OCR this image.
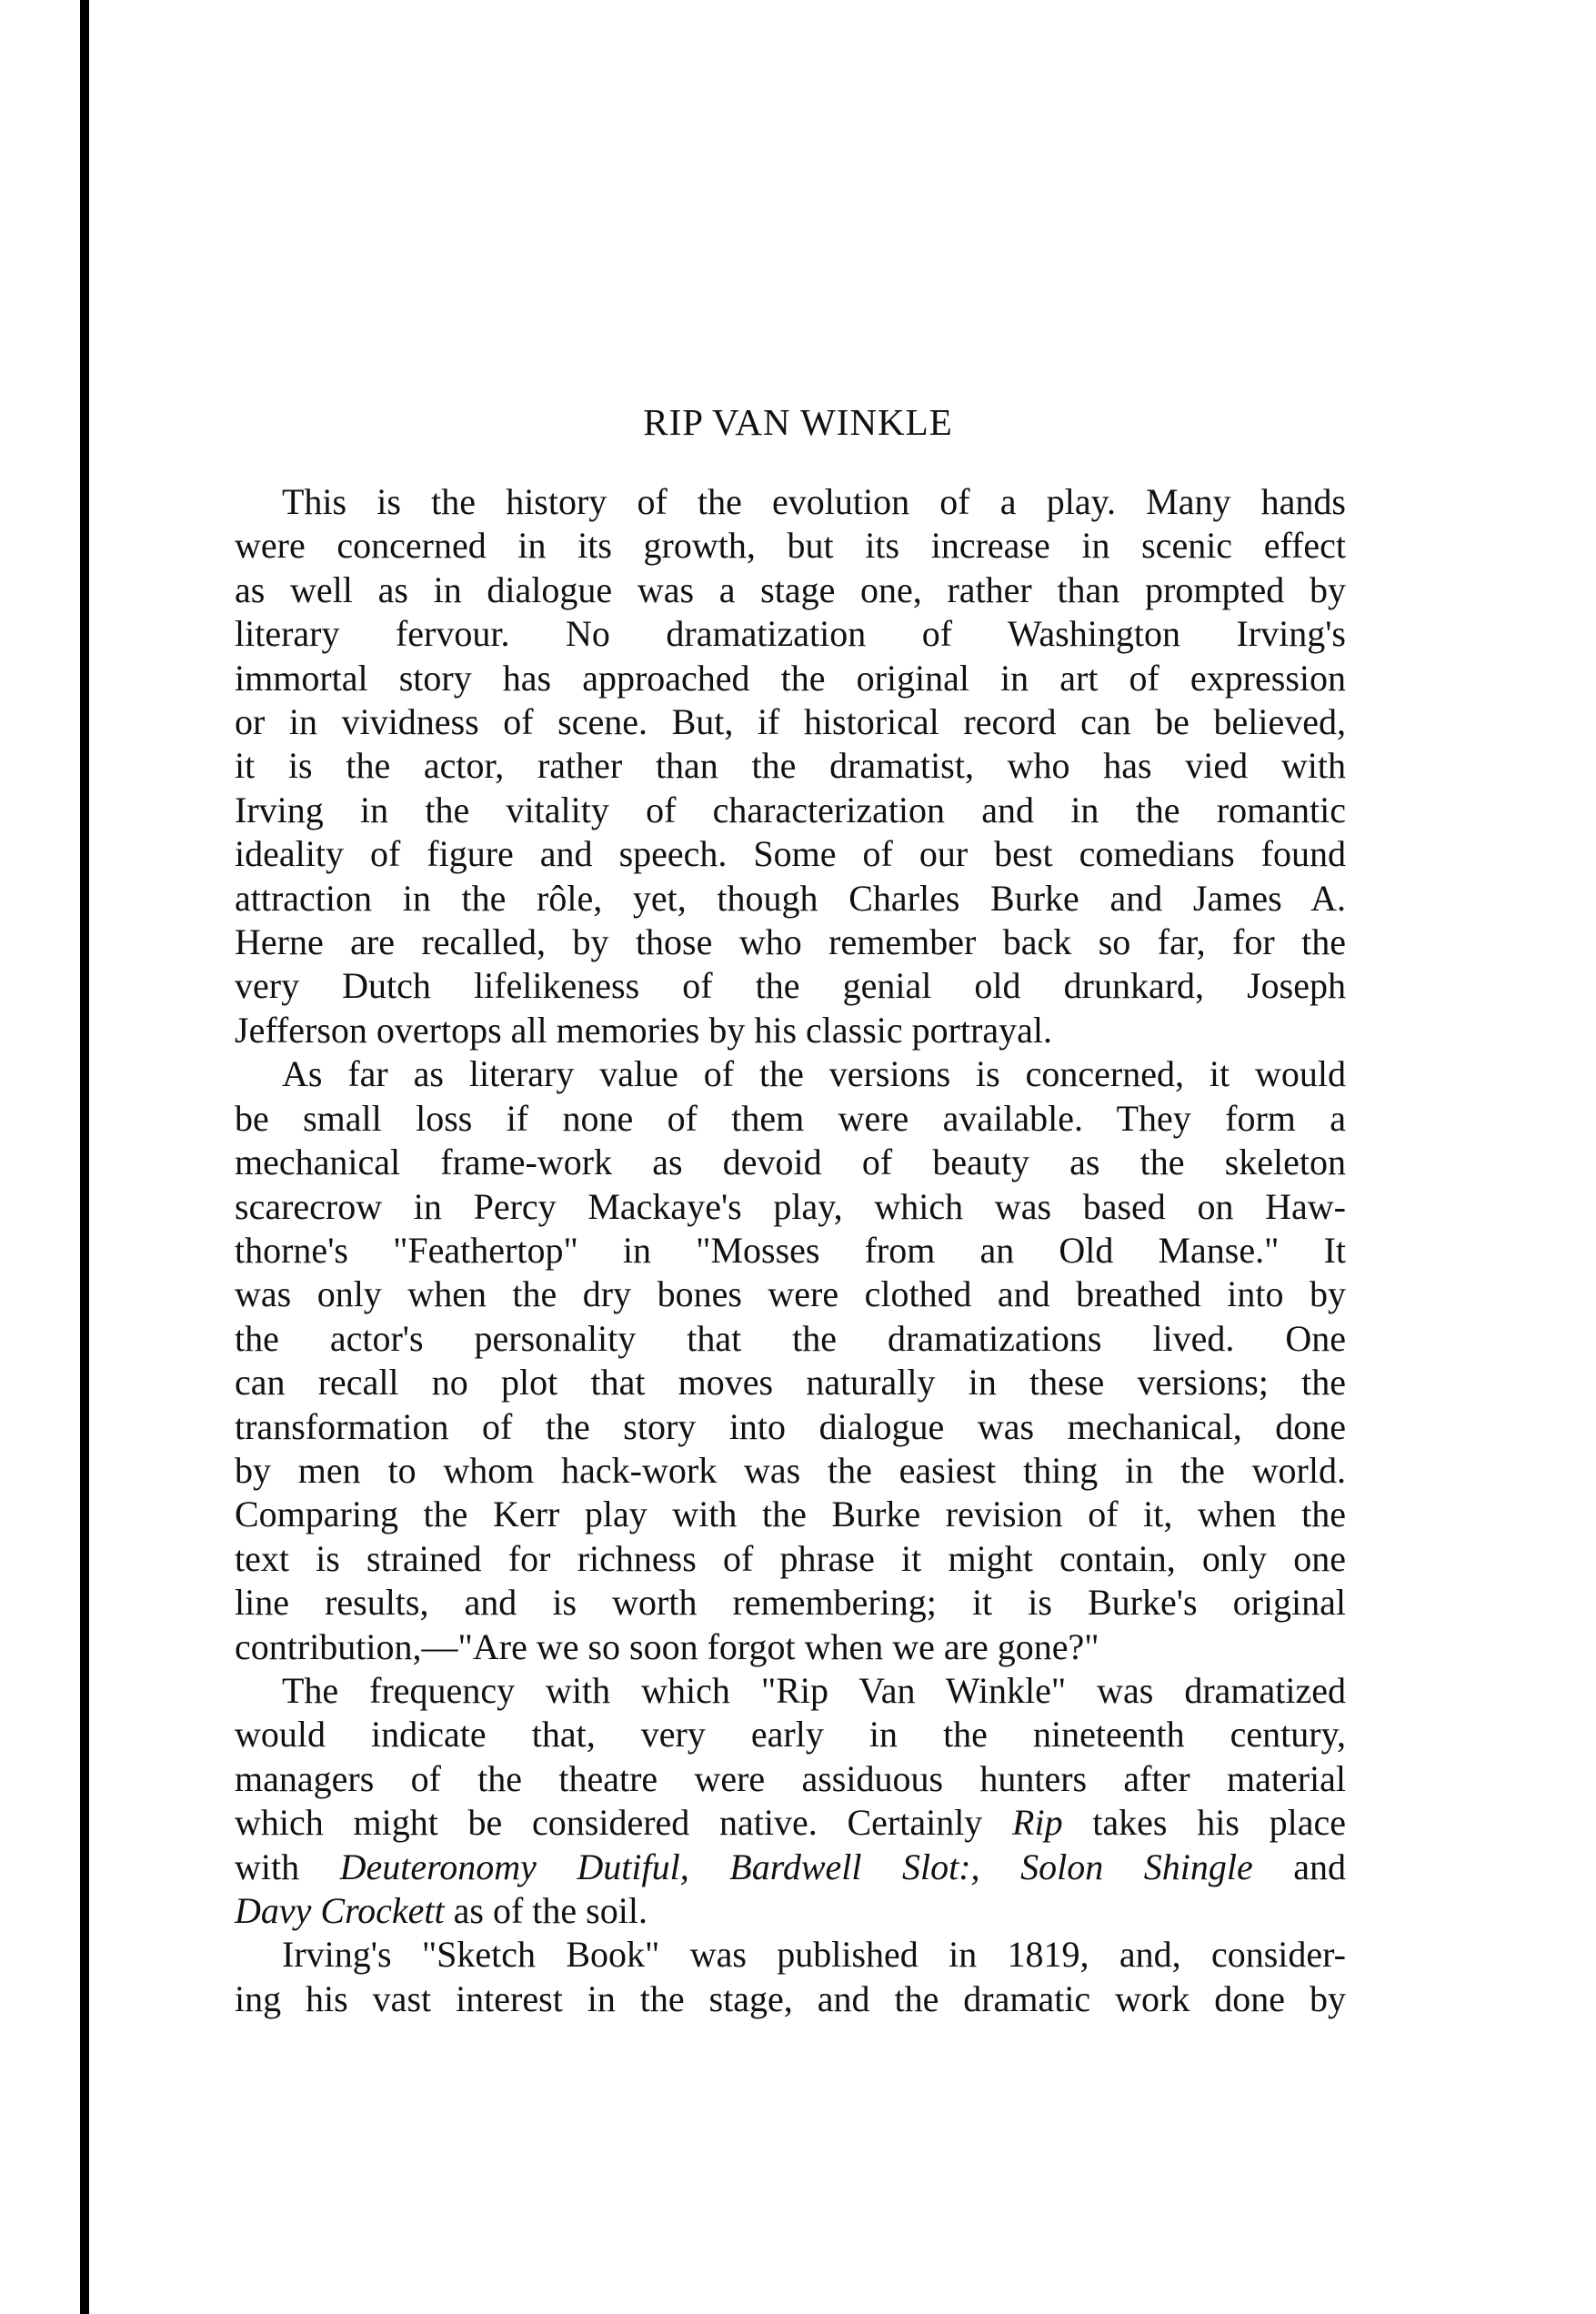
RIP VAN WINKLE
This is the history of the evolution of a play. Many hands
were concerned in its growth, but its increase in scenic effect
as well as in dialogue was a stage one, rather than prompted by
literary fervour. No dramatization of Washington Irving's
immortal story has approached the original in art of expression
or in vividness of scene. But, if historical record can be believed,
it is the actor, rather than the dramatist, who has vied with
Irving in the vitality of characterization and in the romantic
ideality of figure and speech. Some of our best comedians found
attraction in the rôle, yet, though Charles Burke and James A.
Herne are recalled, by those who remember back so far, for the
very Dutch lifelikeness of the genial old drunkard, Joseph
Jefferson overtops all memories by his classic portrayal.
As far as literary value of the versions is concerned, it would
be small loss if none of them were available. They form a
mechanical frame-work as devoid of beauty as the skeleton
scarecrow in Percy Mackaye's play, which was based on Haw-
thorne's "Feathertop" in "Mosses from an Old Manse." It
was only when the dry bones were clothed and breathed into by
the actor's personality that the dramatizations lived. One
can recall no plot that moves naturally in these versions; the
transformation of the story into dialogue was mechanical, done
by men to whom hack-work was the easiest thing in the world.
Comparing the Kerr play with the Burke revision of it, when the
text is strained for richness of phrase it might contain, only one
line results, and is worth remembering; it is Burke's original
contribution,—"Are we so soon forgot when we are gone?"
The frequency with which "Rip Van Winkle" was dramatized
would indicate that, very early in the nineteenth century,
managers of the theatre were assiduous hunters after material
which might be considered native. Certainly Rip takes his place
with Deuteronomy Dutiful, Bardwell Slot:, Solon Shingle and
Davy Crockett as of the soil.
Irving's "Sketch Book" was published in 1819, and, consider-
ing his vast interest in the stage, and the dramatic work done by
